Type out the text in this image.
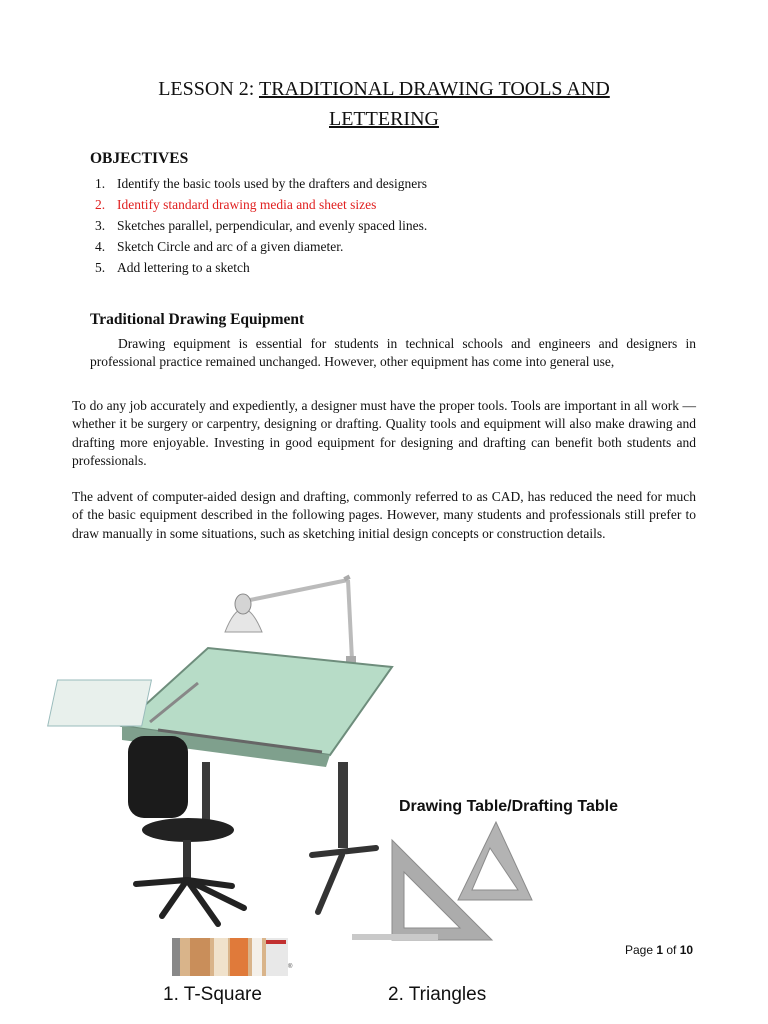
LESSON 2: TRADITIONAL DRAWING TOOLS AND
LETTERING
OBJECTIVES
1. Identify the basic tools used by the drafters and designers
2. Identify standard drawing media and sheet sizes
3. Sketches parallel, perpendicular, and evenly spaced lines.
4. Sketch Circle and arc of a given diameter.
5. Add lettering to a sketch
Traditional Drawing Equipment
Drawing equipment is essential for students in technical schools and engineers and designers in professional practice remained unchanged. However, other equipment has come into general use,
To do any job accurately and expediently, a designer must have the proper tools. Tools are important in all work — whether it be surgery or carpentry, designing or drafting. Quality tools and equipment will also make drawing and drafting more enjoyable. Investing in good equipment for designing and drafting can benefit both students and professionals.
The advent of computer-aided design and drafting, commonly referred to as CAD, has reduced the need for much of the basic equipment described in the following pages. However, many students and professionals still prefer to draw manually in some situations, such as sketching initial design concepts or construction details.
®
Drawing Table/Drafting Table
1. T-Square	2. Triangles
Page 1 of 10
